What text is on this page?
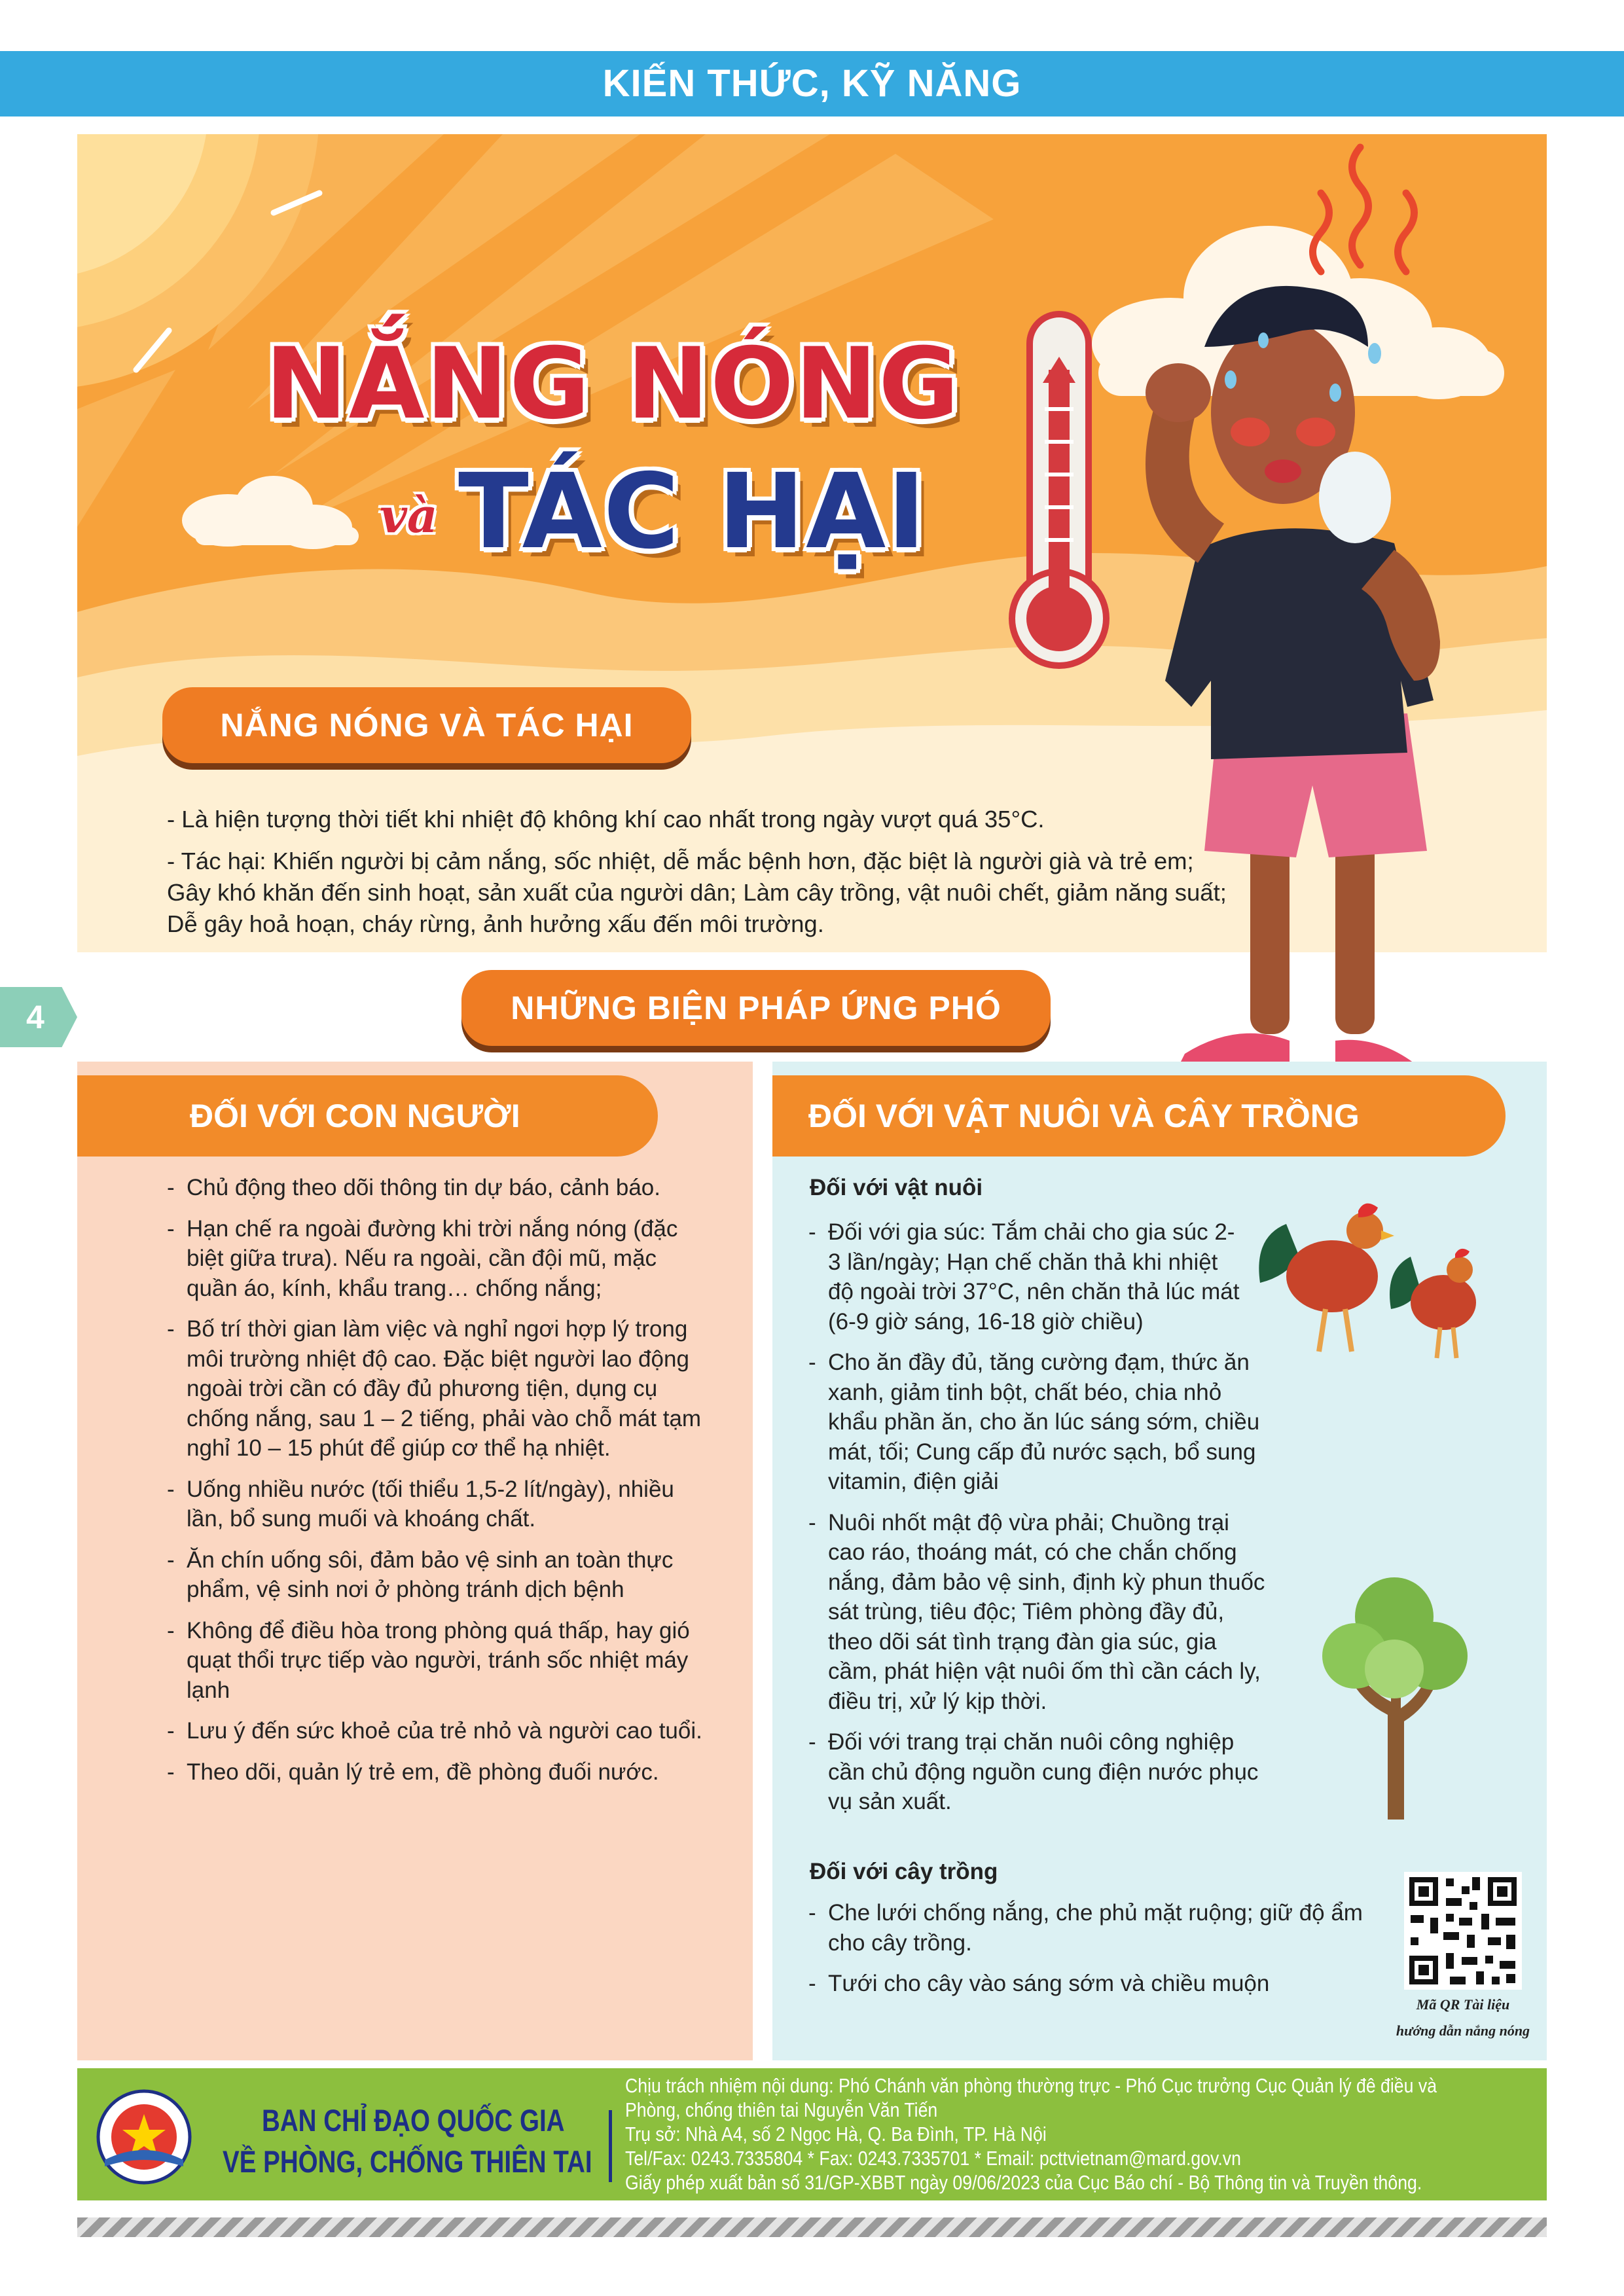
KIẾN THỨC, KỸ NĂNG
NẮNG NÓNG
và TÁC HẠI
NẮNG NÓNG VÀ TÁC HẠI
- Là hiện tượng thời tiết khi nhiệt độ không khí cao nhất trong ngày vượt quá 35°C.
- Tác hại: Khiến người bị cảm nắng, sốc nhiệt, dễ mắc bệnh hơn, đặc biệt là người già và trẻ em; Gây khó khăn đến sinh hoạt, sản xuất của người dân; Làm cây trồng, vật nuôi chết, giảm năng suất; Dễ gây hoả hoạn, cháy rừng, ảnh hưởng xấu đến môi trường.
4	NHỮNG BIỆN PHÁP ỨNG PHÓ
ĐỐI VỚI CON NGƯỜI	ĐỐI VỚI VẬT NUÔI VÀ CÂY TRỒNG
- Chủ động theo dõi thông tin dự báo, cảnh báo.
- Hạn chế ra ngoài đường khi trời nắng nóng (đặc biệt giữa trưa). Nếu ra ngoài, cần đội mũ, mặc quần áo, kính, khẩu trang… chống nắng;
- Bố trí thời gian làm việc và nghỉ ngơi hợp lý trong môi trường nhiệt độ cao. Đặc biệt người lao động ngoài trời cần có đầy đủ phương tiện, dụng cụ chống nắng, sau 1 – 2 tiếng, phải vào chỗ mát tạm nghỉ 10 – 15 phút để giúp cơ thể hạ nhiệt.
- Uống nhiều nước (tối thiểu 1,5-2 lít/ngày), nhiều lần, bổ sung muối và khoáng chất.
- Ăn chín uống sôi, đảm bảo vệ sinh an toàn thực phẩm, vệ sinh nơi ở phòng tránh dịch bệnh
- Không để điều hòa trong phòng quá thấp, hay gió quạt thổi trực tiếp vào người, tránh sốc nhiệt máy lạnh
- Lưu ý đến sức khoẻ của trẻ nhỏ và người cao tuổi.
- Theo dõi, quản lý trẻ em, đề phòng đuối nước.
Đối với vật nuôi
- Đối với gia súc: Tắm chải cho gia súc 2-3 lần/ngày; Hạn chế chăn thả khi nhiệt độ ngoài trời 37°C, nên chăn thả lúc mát (6-9 giờ sáng, 16-18 giờ chiều)
- Cho ăn đầy đủ, tăng cường đạm, thức ăn xanh, giảm tinh bột, chất béo, chia nhỏ khẩu phần ăn, cho ăn lúc sáng sớm, chiều mát, tối; Cung cấp đủ nước sạch, bổ sung vitamin, điện giải
- Nuôi nhốt mật độ vừa phải; Chuồng trại cao ráo, thoáng mát, có che chắn chống nắng, đảm bảo vệ sinh, định kỳ phun thuốc sát trùng, tiêu độc; Tiêm phòng đầy đủ, theo dõi sát tình trạng đàn gia súc, gia cầm, phát hiện vật nuôi ốm thì cần cách ly, điều trị, xử lý kịp thời.
- Đối với trang trại chăn nuôi công nghiệp cần chủ động nguồn cung điện nước phục vụ sản xuất.
Đối với cây trồng
- Che lưới chống nắng, che phủ mặt ruộng; giữ độ ẩm cho cây trồng.
- Tưới cho cây vào sáng sớm và chiều muộn
Mã QR Tài liệu
hướng dẫn nắng nóng
BAN CHỈ ĐẠO QUỐC GIA
VỀ PHÒNG, CHỐNG THIÊN TAI
Chịu trách nhiệm nội dung: Phó Chánh văn phòng thường trực - Phó Cục trưởng Cục Quản lý đê điều và
Phòng, chống thiên tai Nguyễn Văn Tiến
Trụ sở: Nhà A4, số 2 Ngọc Hà, Q. Ba Đình, TP. Hà Nội
Tel/Fax: 0243.7335804 * Fax: 0243.7335701 * Email: pcttvietnam@mard.gov.vn
Giấy phép xuất bản số 31/GP-XBBT ngày 09/06/2023 của Cục Báo chí - Bộ Thông tin và Truyền thông.
